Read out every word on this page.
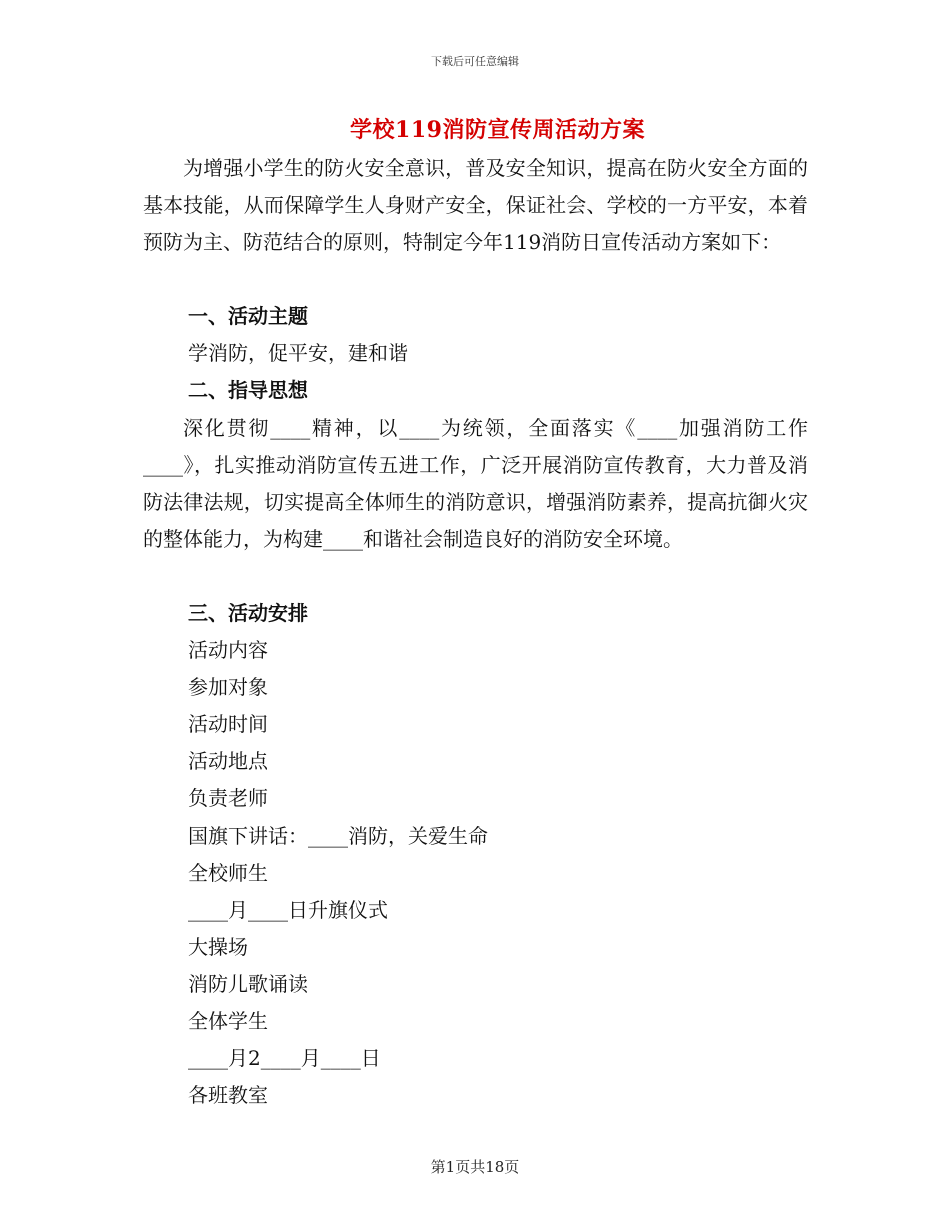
下载后可任意编辑
学校119消防宣传周活动方案

为增强小学生的防火安全意识，普及安全知识，提高在防火安全方面的基本技能，从而保障学生人身财产安全，保证社会、学校的一方平安，本着预防为主、防范结合的原则，特制定今年119消防日宣传活动方案如下：

一、活动主题
学消防，促平安，建和谐
二、指导思想

深化贯彻____精神，以____为统领，全面落实《____加强消防工作____》，扎实推动消防宣传五进工作，广泛开展消防宣传教育，大力普及消防法律法规，切实提高全体师生的消防意识，增强消防素养，提高抗御火灾的整体能力，为构建____和谐社会制造良好的消防安全环境。

三、活动安排
活动内容
参加对象
活动时间
活动地点
负责老师
国旗下讲话：____消防，关爱生命
全校师生
____月____日升旗仪式
大操场
消防儿歌诵读
全体学生
____月2____月____日
各班教室
第1页共18页
